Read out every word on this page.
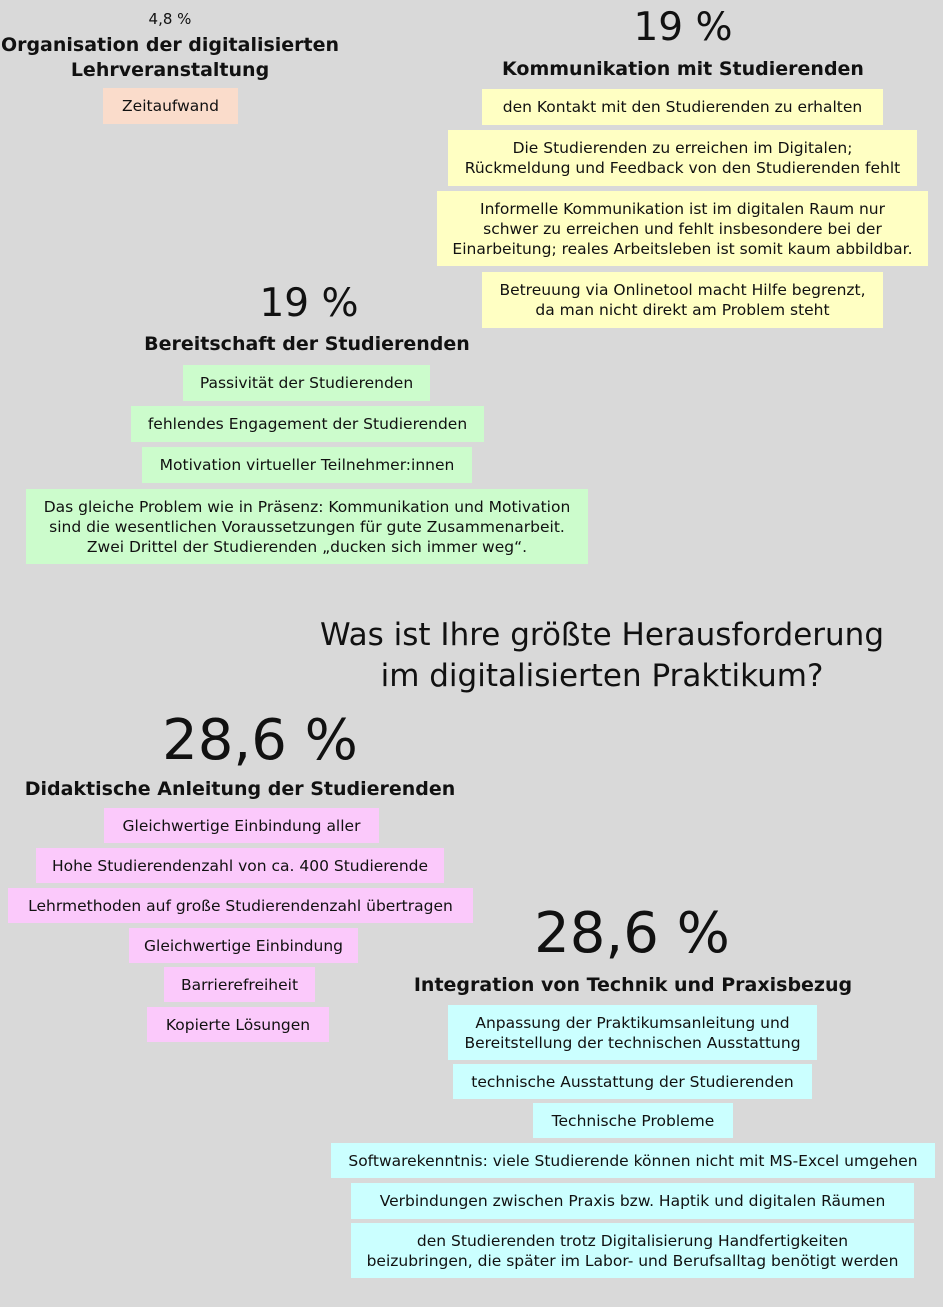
4,8 %
Organisation der digitalisierten
Lehrveranstaltung
Zeitaufwand
19 %
Kommunikation mit Studierenden
den Kontakt mit den Studierenden zu erhalten
Die Studierenden zu erreichen im Digitalen; Rückmeldung und Feedback von den Studierenden fehlt
Informelle Kommunikation ist im digitalen Raum nur schwer zu erreichen und fehlt insbesondere bei der Einarbeitung; reales Arbeitsleben ist somit kaum abbildbar.
Betreuung via Onlinetool macht Hilfe begrenzt, da man nicht direkt am Problem steht
19 %
Bereitschaft der Studierenden
Passivität der Studierenden
fehlendes Engagement der Studierenden
Motivation virtueller Teilnehmer:innen
Das gleiche Problem wie in Präsenz: Kommunikation und Motivation sind die wesentlichen Voraussetzungen für gute Zusammenarbeit. Zwei Drittel der Studierenden „ducken sich immer weg“.
Was ist Ihre größte Herausforderung
im digitalisierten Praktikum?
28,6 %
Didaktische Anleitung der Studierenden
Gleichwertige Einbindung aller
Hohe Studierendenzahl von ca. 400 Studierende
Lehrmethoden auf große Studierendenzahl übertragen
Gleichwertige Einbindung
Barrierefreiheit
Kopierte Lösungen
28,6 %
Integration von Technik und Praxisbezug
Anpassung der Praktikumsanleitung und Bereitstellung der technischen Ausstattung
technische Ausstattung der Studierenden
Technische Probleme
Softwarekenntnis: viele Studierende können nicht mit MS-Excel umgehen
Verbindungen zwischen Praxis bzw. Haptik und digitalen Räumen
den Studierenden trotz Digitalisierung Handfertigkeiten beizubringen, die später im Labor- und Berufsalltag benötigt werden
